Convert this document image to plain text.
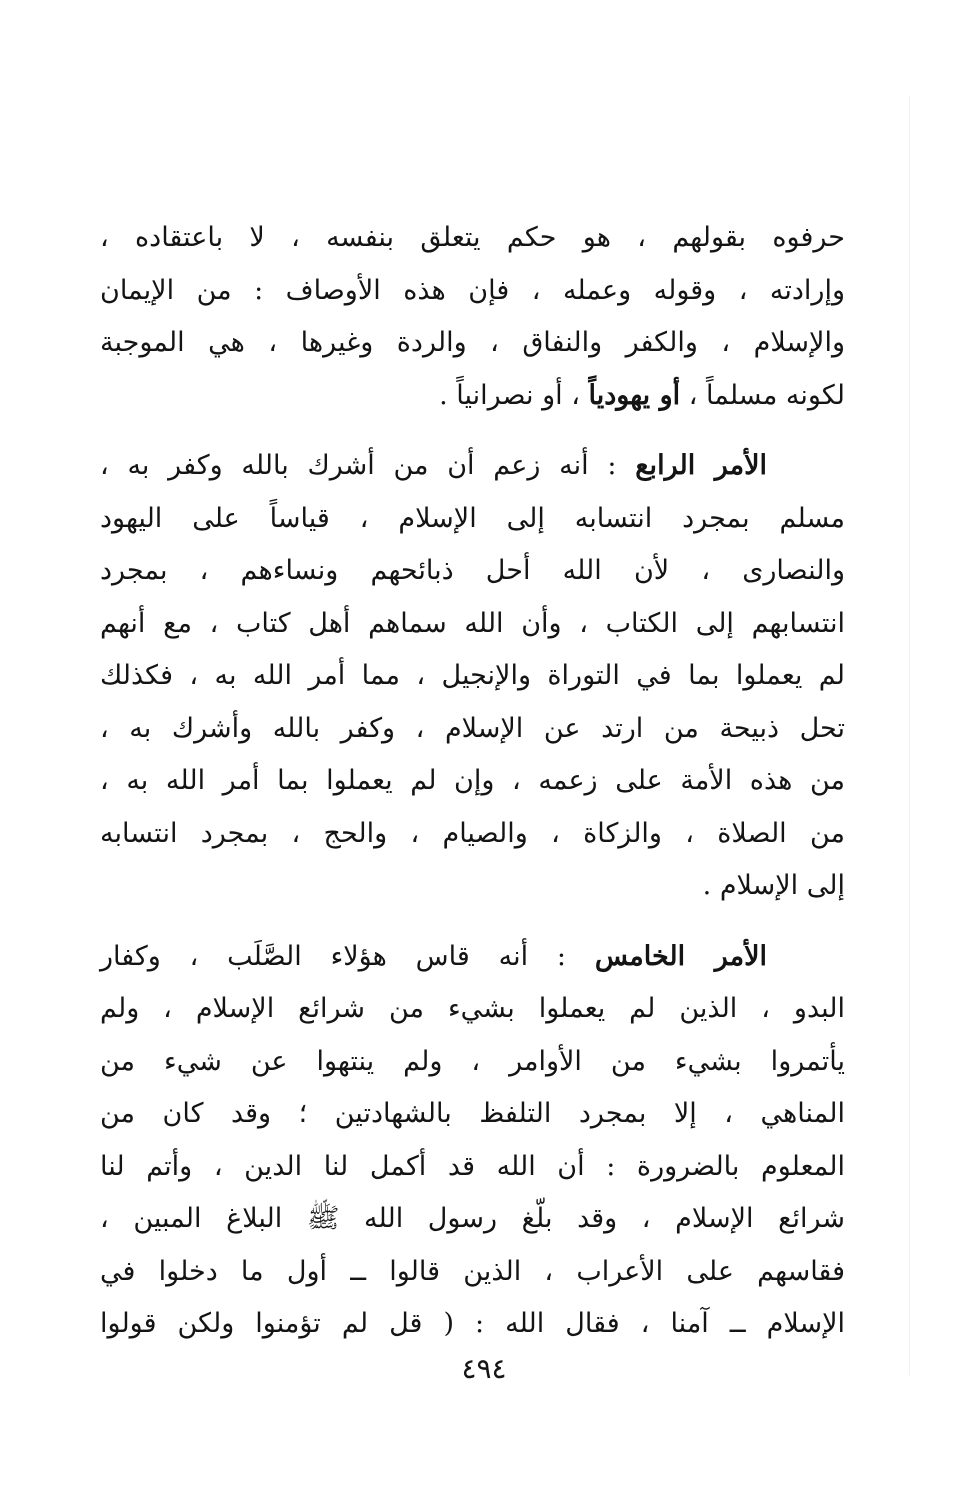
حرفوه بقولهم ، هو حكم يتعلق بنفسه ، لا باعتقاده ،

وإرادته ، وقوله وعمله ، فإن هذه الأوصاف : من الإيمان

والإسلام ، والكفر والنفاق ، والردة وغيرها ، هي الموجبة

لكونه مسلماً ، أو يهودياً ، أو نصرانياً .

الأمر الرابع : أنه زعم أن من أشرك بالله وكفر به ،

مسلم بمجرد انتسابه إلى الإسلام ، قياساً على اليهود

والنصارى ، لأن الله أحل ذبائحهم ونساءهم ، بمجرد

انتسابهم إلى الكتاب ، وأن الله سماهم أهل كتاب ، مع أنهم

لم يعملوا بما في التوراة والإنجيل ، مما أمر الله به ، فكذلك

تحل ذبيحة من ارتد عن الإسلام ، وكفر بالله وأشرك به ،

من هذه الأمة على زعمه ، وإن لم يعملوا بما أمر الله به ،

من الصلاة ، والزكاة ، والصيام ، والحج ، بمجرد انتسابه

إلى الإسلام .

الأمر الخامس : أنه قاس هؤلاء الصَّلَب ، وكفار

البدو ، الذين لم يعملوا بشيء من شرائع الإسلام ، ولم

يأتمروا بشيء من الأوامر ، ولم ينتهوا عن شيء من

المناهي ، إلا بمجرد التلفظ بالشهادتين ؛ وقد كان من

المعلوم بالضرورة : أن الله قد أكمل لنا الدين ، وأتم لنا

شرائع الإسلام ، وقد بلّغ رسول الله ﷺ البلاغ المبين ،

فقاسهم على الأعراب ، الذين قالوا ــ أول ما دخلوا في

الإسلام ــ آمنا ، فقال الله : ( قل لم تؤمنوا ولكن قولوا

٤٩٤
